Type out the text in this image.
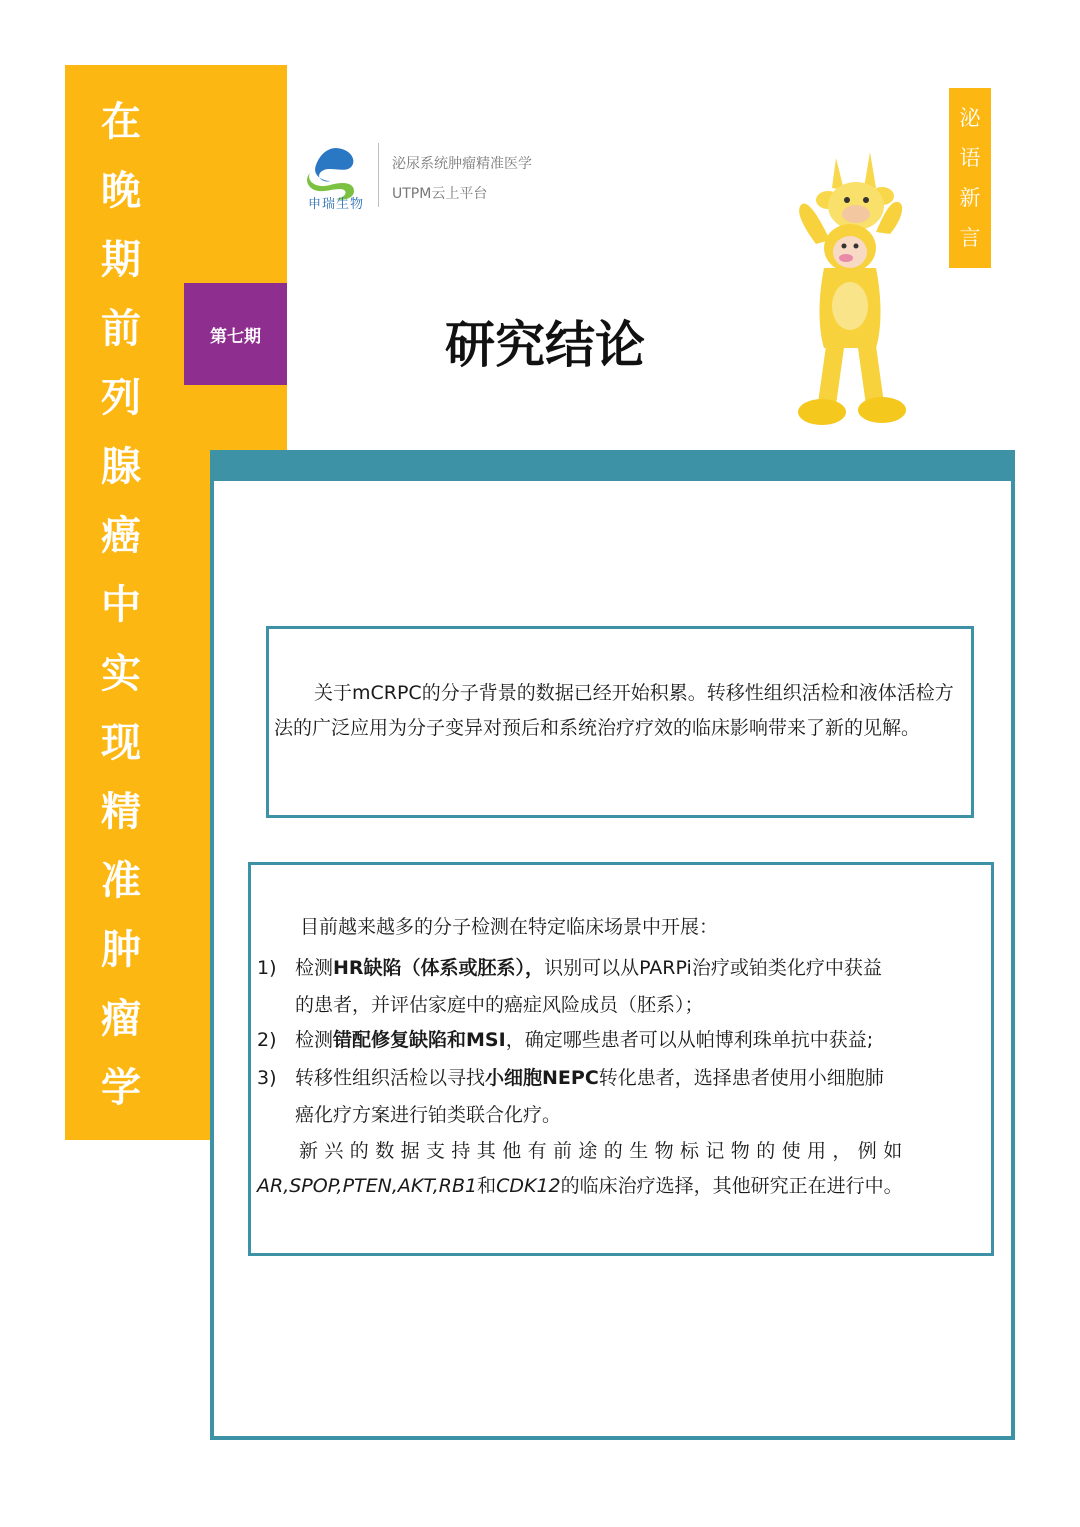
在
晚
期
前
列
腺
癌
中
实
现
精
准
肿
瘤
学
第七期
申瑞生物
泌尿系统肿瘤精准医学
UTPM云上平台
研究结论
泌
语
新
言
关于mCRPC的分子背景的数据已经开始积累。转移性组织活检和液体活检方法的广泛应用为分子变异对预后和系统治疗疗效的临床影响带来了新的见解。
目前越来越多的分子检测在特定临床场景中开展：
1) 检测HR缺陷（体系或胚系），识别可以从PARPi治疗或铂类化疗中获益
的患者，并评估家庭中的癌症风险成员（胚系）；
2) 检测错配修复缺陷和MSI，确定哪些患者可以从帕博利珠单抗中获益;
3) 转移性组织活检以寻找小细胞NEPC转化患者，选择患者使用小细胞肺
癌化疗方案进行铂类联合化疗。
新兴的数据支持其他有前途的生物标记物的使用，例如
AR,SPOP,PTEN,AKT,RB1和CDK12的临床治疗选择，其他研究正在进行中。
